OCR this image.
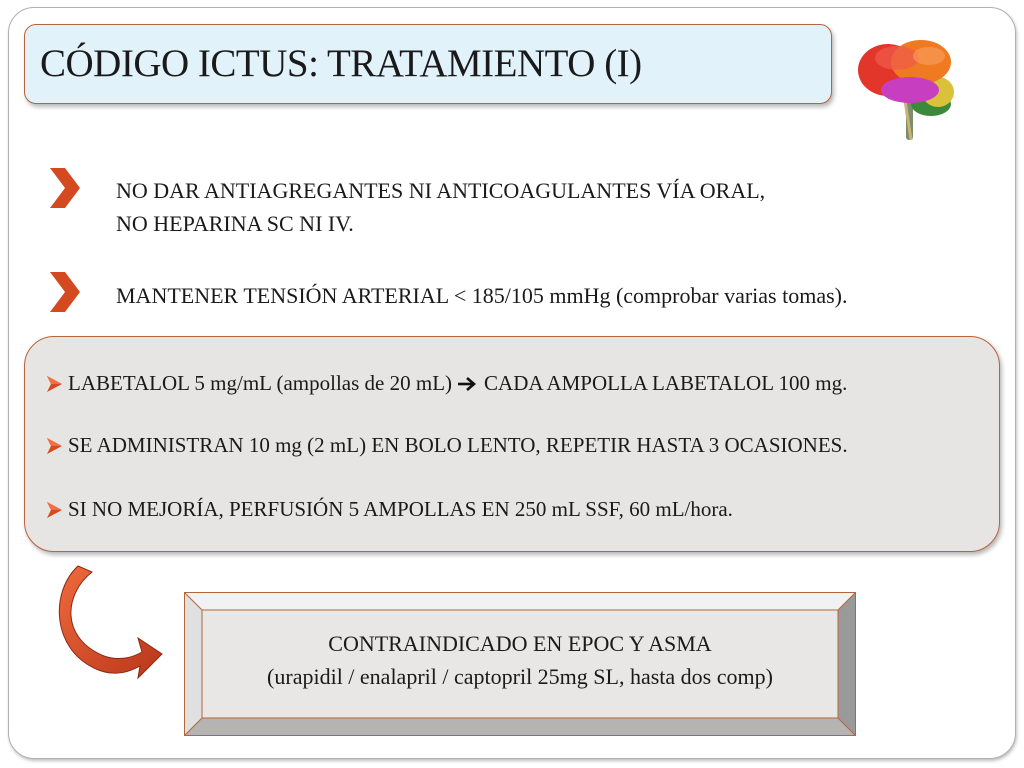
CÓDIGO ICTUS: TRATAMIENTO (I)
NO DAR ANTIAGREGANTES NI ANTICOAGULANTES VÍA ORAL,
NO HEPARINA SC NI IV.
MANTENER TENSIÓN ARTERIAL < 185/105 mmHg (comprobar varias tomas).
LABETALOL 5 mg/mL (ampollas de 20 mL) CADA AMPOLLA LABETALOL 100 mg.
SE ADMINISTRAN 10 mg (2 mL) EN BOLO LENTO, REPETIR HASTA 3 OCASIONES.
SI NO MEJORÍA, PERFUSIÓN 5 AMPOLLAS EN 250 mL SSF, 60 mL/hora.
CONTRAINDICADO EN EPOC Y ASMA
(urapidil / enalapril / captopril 25mg SL, hasta dos comp)
